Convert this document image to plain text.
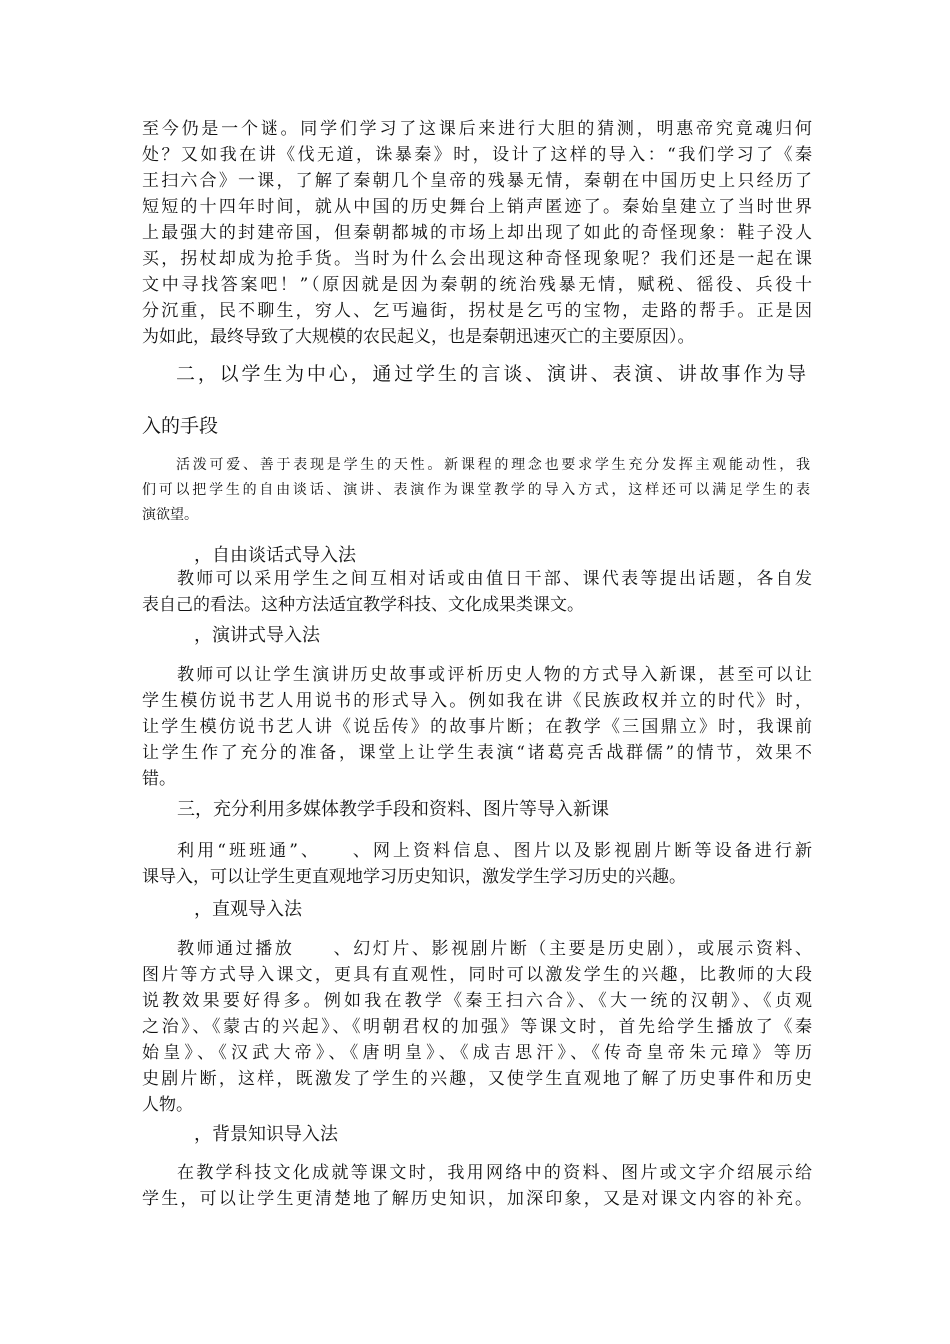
至今仍是一个谜。同学们学习了这课后来进行大胆的猜测，明惠帝究竟魂归何
处？又如我在讲《伐无道，诛暴秦》时，设计了这样的导入：“我们学习了《秦
王扫六合》一课，了解了秦朝几个皇帝的残暴无情，秦朝在中国历史上只经历了
短短的十四年时间，就从中国的历史舞台上销声匿迹了。秦始皇建立了当时世界
上最强大的封建帝国，但秦朝都城的市场上却出现了如此的奇怪现象：鞋子没人
买，拐杖却成为抢手货。当时为什么会出现这种奇怪现象呢？我们还是一起在课
文中寻找答案吧！”（原因就是因为秦朝的统治残暴无情，赋税、徭役、兵役十
分沉重，民不聊生，穷人、乞丐遍街，拐杖是乞丐的宝物，走路的帮手。正是因
为如此，最终导致了大规模的农民起义，也是秦朝迅速灭亡的主要原因）。
二，以学生为中心，通过学生的言谈、演讲、表演、讲故事作为导
入的手段
活泼可爱、善于表现是学生的天性。新课程的理念也要求学生充分发挥主观能动性，我
们可以把学生的自由谈话、演讲、表演作为课堂教学的导入方式，这样还可以满足学生的表
演欲望。
，自由谈话式导入法
教师可以采用学生之间互相对话或由值日干部、课代表等提出话题，各自发
表自己的看法。这种方法适宜教学科技、文化成果类课文。
，演讲式导入法
教师可以让学生演讲历史故事或评析历史人物的方式导入新课，甚至可以让
学生模仿说书艺人用说书的形式导入。例如我在讲《民族政权并立的时代》时，
让学生模仿说书艺人讲《说岳传》的故事片断；在教学《三国鼎立》时，我课前
让学生作了充分的准备，课堂上让学生表演“诸葛亮舌战群儒”的情节，效果不
错。
三，充分利用多媒体教学手段和资料、图片等导入新课
利用“班班通”、　　、网上资料信息、图片以及影视剧片断等设备进行新
课导入，可以让学生更直观地学习历史知识，激发学生学习历史的兴趣。
，直观导入法
教师通过播放　　、幻灯片、影视剧片断（主要是历史剧），或展示资料、
图片等方式导入课文，更具有直观性，同时可以激发学生的兴趣，比教师的大段
说教效果要好得多。例如我在教学《秦王扫六合》、《大一统的汉朝》、《贞观
之治》、《蒙古的兴起》、《明朝君权的加强》等课文时，首先给学生播放了《秦
始皇》、《汉武大帝》、《唐明皇》、《成吉思汗》、《传奇皇帝朱元璋》等历
史剧片断，这样，既激发了学生的兴趣，又使学生直观地了解了历史事件和历史
人物。
，背景知识导入法
在教学科技文化成就等课文时，我用网络中的资料、图片或文字介绍展示给
学生，可以让学生更清楚地了解历史知识，加深印象，又是对课文内容的补充。
